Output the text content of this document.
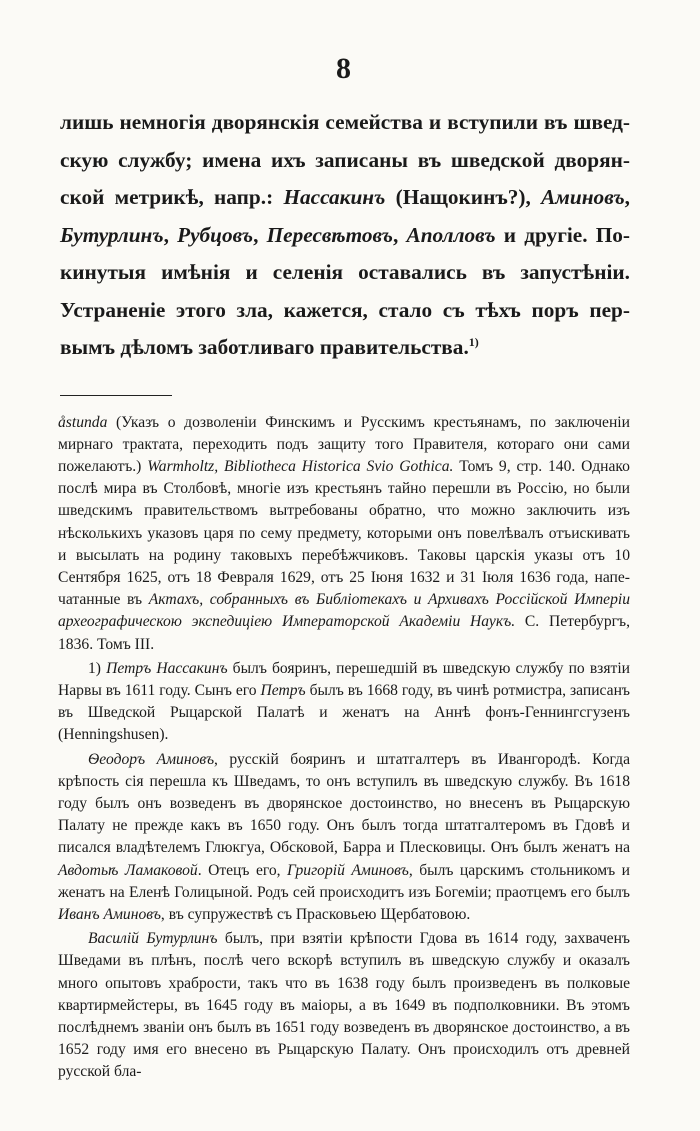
8

лишь немногія дворянскія семейства и вступили въ шведскую службу; имена ихъ записаны въ шведской дворянской метрикѣ, напр.: Нассакинъ (Нащокинъ?), Аминовъ, Бутурлинъ, Рубцовъ, Пересвѣтовъ, Аполловъ и другіе. Покинутыя имѣнія и селенія оставались въ запустѣніи. Устраненіе этого зла, кажется, стало съ тѣхъ поръ первымъ дѣломъ заботливаго правительства.$^{1)}$

åstunda (Указъ о дозволеніи Финскимъ и Русскимъ крестьянамъ, по заключеніи мирнаго трактата, переходить подъ защиту того Правителя, котораго они сами пожелаютъ.) Warmholtz, Bibliotheca Historica Svio Gothica. Томъ 9, стр. 140. Однако послѣ мира въ Столбовѣ, многіе изъ крестьянъ тайно перешли въ Россію, но были шведскимъ правительствомъ вытребованы обратно, что можно заключить изъ нѣсколькихъ указовъ царя по сему предмету, которыми онъ повелѣвалъ отъискивать и высылать на родину таковыхъ перебѣжчиковъ. Таковы царскія указы отъ 10 Сентября 1625, отъ 18 Февраля 1629, отъ 25 Іюня 1632 и 31 Іюля 1636 года, напечатанные въ Актахъ, собранныхъ въ Библіотекахъ и Архивахъ Россійской Имперіи археографическою экспедиціею Императорской Академіи Наукъ. С. Петербургъ, 1836. Томъ III.

1) Петръ Нассакинъ былъ бояринъ, перешедшій въ шведскую службу по взятіи Нарвы въ 1611 году. Сынъ его Петръ былъ въ 1668 году, въ чинѣ ротмистра, записанъ въ Шведской Рыцарской Палатѣ и женатъ на Аннѣ фонъ-Геннингсгузенъ (Henningshusen).

Ѳеодоръ Аминовъ, русскій бояринъ и штатгалтеръ въ Ивангородѣ. Когда крѣпость сія перешла къ Шведамъ, то онъ вступилъ въ шведскую службу. Въ 1618 году былъ онъ возведенъ въ дворянское достоинство, но внесенъ въ Рыцарскую Палату не прежде какъ въ 1650 году. Онъ былъ тогда штатгалтеромъ въ Гдовѣ и писался владѣтелемъ Глюкгуа, Обсковой, Барра и Плесковицы. Онъ былъ женатъ на Авдотьѣ Ламаковой. Отецъ его, Григорій Аминовъ, былъ царскимъ стольникомъ и женатъ на Еленѣ Голицыной. Родъ сей происходитъ изъ Богеміи; праотцемъ его былъ Иванъ Аминовъ, въ супружествѣ съ Прасковьею Щербатовою.

Василій Бутурлинъ былъ, при взятіи крѣпости Гдова въ 1614 году, захваченъ Шведами въ плѣнъ, послѣ чего вскорѣ вступилъ въ шведскую службу и оказалъ много опытовъ храбрости, такъ что въ 1638 году былъ произведенъ въ полковые квартирмейстеры, въ 1645 году въ маіоры, а въ 1649 въ подполковники. Въ этомъ послѣднемъ званіи онъ былъ въ 1651 году возведенъ въ дворянское достоинство, а въ 1652 году имя его внесено въ Рыцарскую Палату. Онъ происходилъ отъ древней русской бла-
